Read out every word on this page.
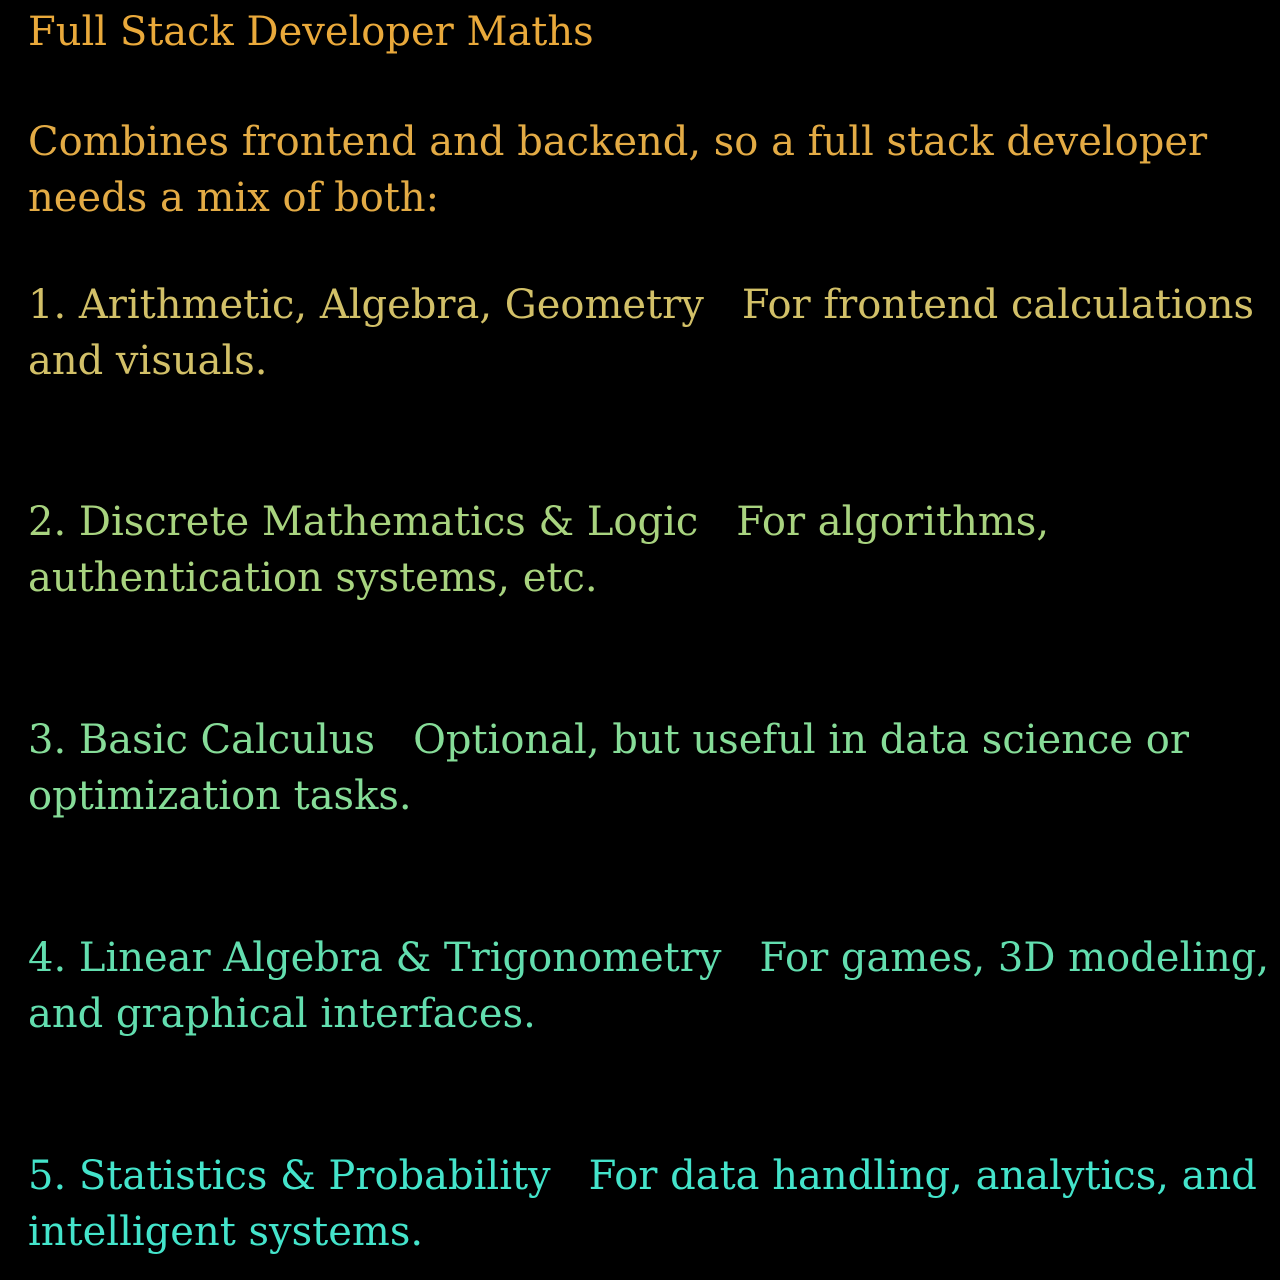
Full Stack Developer Maths
Combines frontend and backend, so a full stack developer
needs a mix of both:
1. Arithmetic, Algebra, Geometry For frontend calculations
and visuals.
2. Discrete Mathematics & Logic For algorithms,
authentication systems, etc.
3. Basic Calculus Optional, but useful in data science or
optimization tasks.
4. Linear Algebra & Trigonometry For games, 3D modeling,
and graphical interfaces.
5. Statistics & Probability For data handling, analytics, and
intelligent systems.
